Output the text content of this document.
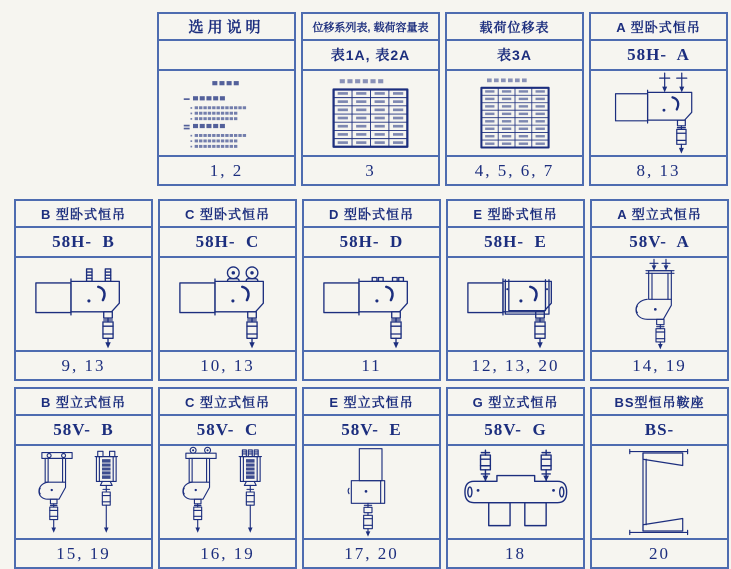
选用说明
1, 2
位移系列表, 载荷容量表
表1A, 表2A
3
载荷位移表
表3A
4, 5, 6, 7
A 型卧式恒吊
58H-  A
8, 13
B 型卧式恒吊
58H-  B
9, 13
C 型卧式恒吊
58H-  C
10, 13
D 型卧式恒吊
58H-  D
11
E 型卧式恒吊
58H-  E
12, 13, 20
A 型立式恒吊
58V-  A
14, 19
B 型立式恒吊
58V-  B
15, 19
C 型立式恒吊
58V-  C
16, 19
E 型立式恒吊
58V-  E
17, 20
G 型立式恒吊
58V-  G
18
BS型恒吊鞍座
BS-
20
